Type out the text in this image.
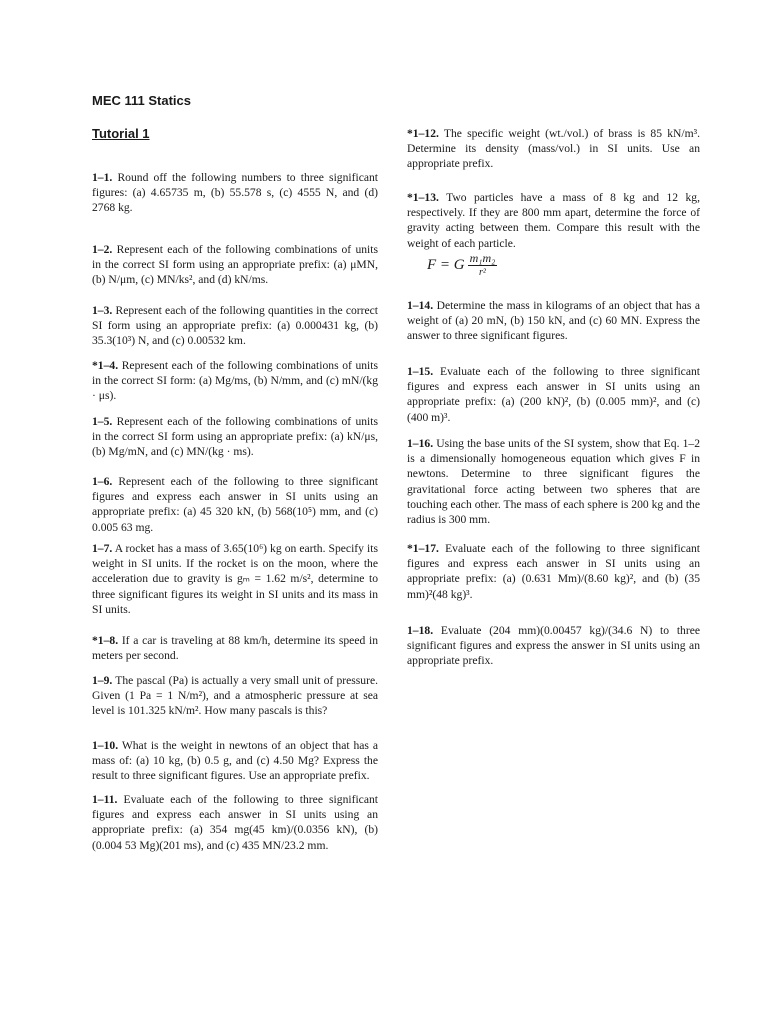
MEC 111 Statics
Tutorial 1

1–1. Round off the following numbers to three significant figures: (a) 4.65735 m, (b) 55.578 s, (c) 4555 N, and (d) 2768 kg.

1–2. Represent each of the following combinations of units in the correct SI form using an appropriate prefix: (a) μMN, (b) N/μm, (c) MN/ks², and (d) kN/ms.

1–3. Represent each of the following quantities in the correct SI form using an appropriate prefix: (a) 0.000431 kg, (b) 35.3(10³) N, and (c) 0.00532 km.

*1–4. Represent each of the following combinations of units in the correct SI form: (a) Mg/ms, (b) N/mm, and (c) mN/(kg · μs).

1–5. Represent each of the following combinations of units in the correct SI form using an appropriate prefix: (a) kN/μs, (b) Mg/mN, and (c) MN/(kg · ms).

1–6. Represent each of the following to three significant figures and express each answer in SI units using an appropriate prefix: (a) 45 320 kN, (b) 568(10⁵) mm, and (c) 0.005 63 mg.

1–7. A rocket has a mass of 3.65(10⁶) kg on earth. Specify its weight in SI units. If the rocket is on the moon, where the acceleration due to gravity is gₘ = 1.62 m/s², determine to three significant figures its weight in SI units and its mass in SI units.

*1–8. If a car is traveling at 88 km/h, determine its speed in meters per second.

1–9. The pascal (Pa) is actually a very small unit of pressure. Given (1 Pa = 1 N/m²), and a atmospheric pressure at sea level is 101.325 kN/m². How many pascals is this?

1–10. What is the weight in newtons of an object that has a mass of: (a) 10 kg, (b) 0.5 g, and (c) 4.50 Mg? Express the result to three significant figures. Use an appropriate prefix.

1–11. Evaluate each of the following to three significant figures and express each answer in SI units using an appropriate prefix: (a) 354 mg(45 km)/(0.0356 kN), (b) (0.004 53 Mg)(201 ms), and (c) 435 MN/23.2 mm.

*1–12. The specific weight (wt./vol.) of brass is 85 kN/m³. Determine its density (mass/vol.) in SI units. Use an appropriate prefix.

*1–13. Two particles have a mass of 8 kg and 12 kg, respectively. If they are 800 mm apart, determine the force of gravity acting between them. Compare this result with the weight of each particle.

1–14. Determine the mass in kilograms of an object that has a weight of (a) 20 mN, (b) 150 kN, and (c) 60 MN. Express the answer to three significant figures.

1–15. Evaluate each of the following to three significant figures and express each answer in SI units using an appropriate prefix: (a) (200 kN)², (b) (0.005 mm)², and (c) (400 m)³.

1–16. Using the base units of the SI system, show that Eq. 1–2 is a dimensionally homogeneous equation which gives F in newtons. Determine to three significant figures the gravitational force acting between two spheres that are touching each other. The mass of each sphere is 200 kg and the radius is 300 mm.

*1–17. Evaluate each of the following to three significant figures and express each answer in SI units using an appropriate prefix: (a) (0.631 Mm)/(8.60 kg)², and (b) (35 mm)²(48 kg)³.

1–18. Evaluate (204 mm)(0.00457 kg)/(34.6 N) to three significant figures and express the answer in SI units using an appropriate prefix.

F = G $\frac{\text{m₁m₂}}{\text{r²}}$
